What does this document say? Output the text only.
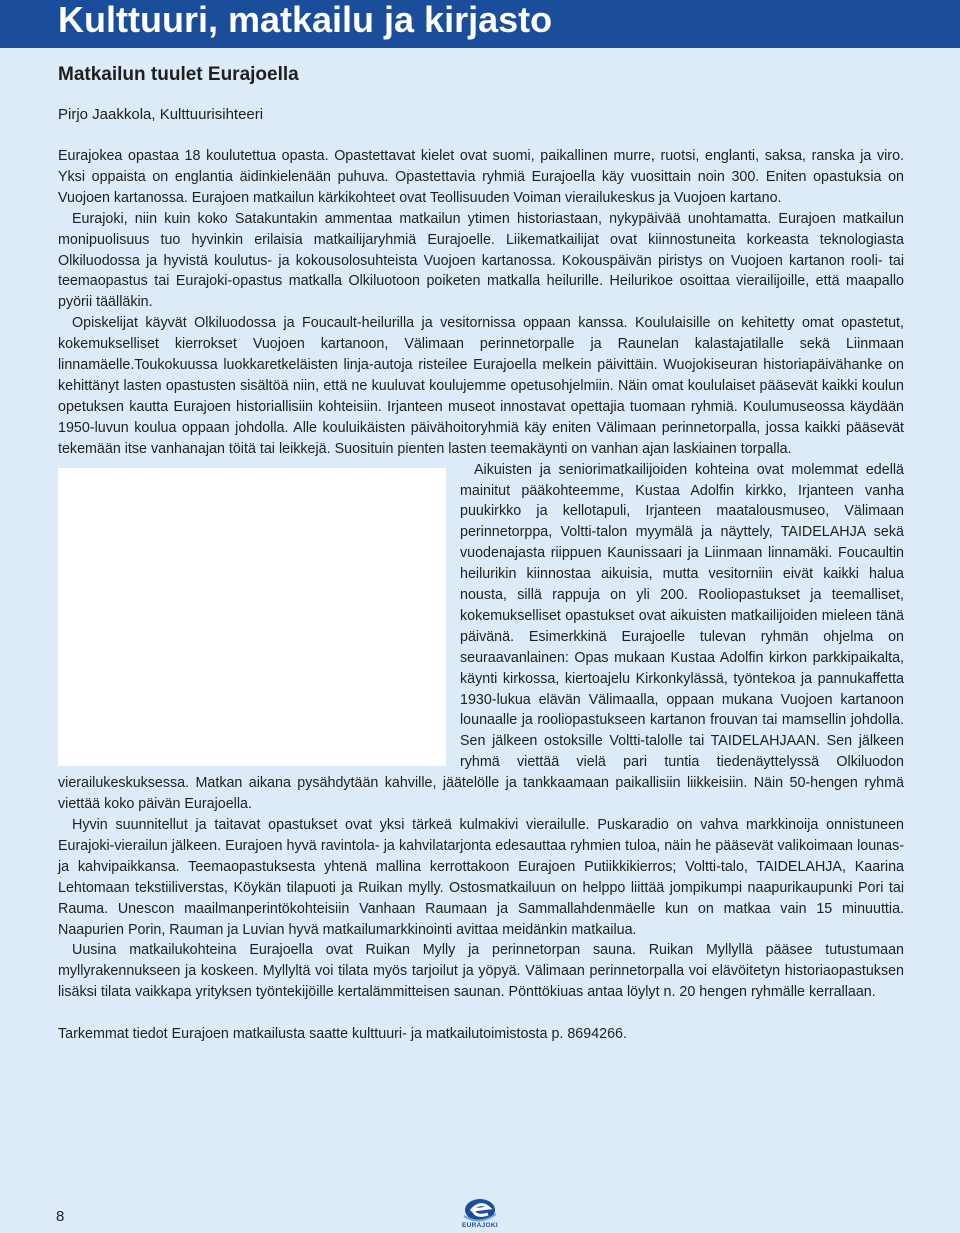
Kulttuuri, matkailu ja kirjasto
Matkailun tuulet Eurajoella

Pirjo Jaakkola, Kulttuurisihteeri

Eurajokea opastaa 18 koulutettua opasta. Opastettavat kielet ovat suomi, paikallinen murre, ruotsi, englanti, saksa, ranska ja viro. Yksi oppaista on englantia äidinkielenään puhuva. Opastettavia ryhmiä Eurajoella käy vuosittain noin 300. Eniten opastuksia on Vuojoen kartanossa. Eurajoen matkailun kärkikohteet ovat Teollisuuden Voiman vierailukeskus ja Vuojoen kartano.

Eurajoki, niin kuin koko Satakuntakin ammentaa matkailun ytimen historiastaan, nykypäivää unohtamatta. Eurajoen matkailun monipuolisuus tuo hyvinkin erilaisia matkailijaryhmiä Eurajoelle. Liikematkailijat ovat kiinnostuneita korkeasta teknologiasta Olkiluodossa ja hyvistä koulutus- ja kokousolosuhteista Vuojoen kartanossa. Kokouspäivän piristys on Vuojoen kartanon rooli- tai teemaopastus tai Eurajoki-opastus matkalla Olkiluotoon poiketen matkalla heilurille. Heilurikoe osoittaa vierailijoille, että maapallo pyörii täälläkin.

Opiskelijat käyvät Olkiluodossa ja Foucault-heilurilla ja vesitornissa oppaan kanssa. Koululaisille on kehitetty omat opastetut, kokemukselliset kierrokset Vuojoen kartanoon, Välimaan perinnetorpalle ja Raunelan kalastajatilalle sekä Liinmaan linnamäelle.Toukokuussa luokkaretkeläisten linja-autoja risteilee Eurajoella melkein päivittäin. Wuojokiseuran historiapäivähanke on kehittänyt lasten opastusten sisältöä niin, että ne kuuluvat koulujemme opetusohjelmiin. Näin omat koululaiset pääsevät kaikki koulun opetuksen kautta Eurajoen historiallisiin kohteisiin. Irjanteen museot innostavat opettajia tuomaan ryhmiä. Koulumuseossa käydään 1950-luvun koulua oppaan johdolla. Alle kouluikäisten päivähoitoryhmiä käy eniten Välimaan perinnetorpalla, jossa kaikki pääsevät tekemään itse vanhanajan töitä tai leikkejä. Suosituin pienten lasten teemakäynti on vanhan ajan laskiainen torpalla.

Aikuisten ja seniorimatkailijoiden kohteina ovat molemmat edellä mainitut pääkohteemme, Kustaa Adolfin kirkko, Irjanteen vanha puukirkko ja kellotapuli, Irjanteen maatalousmuseo, Välimaan perinnetorppa, Voltti-talon myymälä ja näyttely, TAIDELAHJA sekä vuodenajasta riippuen Kaunissaari ja Liinmaan linnamäki. Foucaultin heilurikin kiinnostaa aikuisia, mutta vesitorniin eivät kaikki halua nousta, sillä rappuja on yli 200. Rooliopastukset ja teemalliset, kokemukselliset opastukset ovat aikuisten matkailijoiden mieleen tänä päivänä. Esimerkkinä Eurajoelle tulevan ryhmän ohjelma on seuraavanlainen: Opas mukaan Kustaa Adolfin kirkon parkkipaikalta, käynti kirkossa, kiertoajelu Kirkonkylässä, työntekoa ja pannukaffetta 1930-lukua elävän Välimaalla, oppaan mukana Vuojoen kartanoon lounaalle ja rooliopastukseen kartanon frouvan tai mamsellin johdolla. Sen jälkeen ostoksille Voltti-talolle tai TAIDELAHJAAN. Sen jälkeen ryhmä viettää vielä pari tuntia tiedenäyttelyssä Olkiluodon vierailukeskuksessa. Matkan aikana pysähdytään kahville, jäätelölle ja tankkaamaan paikallisiin liikkeisiin. Näin 50-hengen ryhmä viettää koko päivän Eurajoella.

Hyvin suunnitellut ja taitavat opastukset ovat yksi tärkeä kulmakivi vierailulle. Puskaradio on vahva markkinoija onnistuneen Eurajoki-vierailun jälkeen. Eurajoen hyvä ravintola- ja kahvilatarjonta edesauttaa ryhmien tuloa, näin he pääsevät valikoimaan lounas- ja kahvipaikkansa. Teemaopastuksesta yhtenä mallina kerrottakoon Eurajoen Putiikkikierros; Voltti-talo, TAIDELAHJA, Kaarina Lehtomaan tekstiiliverstas, Köykän tilapuoti ja Ruikan mylly. Ostosmatkailuun on helppo liittää jompikumpi naapurikaupunki Pori tai Rauma. Unescon maailmanperintökohteisiin Vanhaan Raumaan ja Sammallahdenmäelle kun on matkaa vain 15 minuuttia. Naapurien Porin, Rauman ja Luvian hyvä matkailumarkkinointi avittaa meidänkin matkailua.

Uusina matkailukohteina Eurajoella ovat Ruikan Mylly ja perinnetorpan sauna. Ruikan Myllyllä pääsee tutustumaan myllyrakennukseen ja koskeen. Myllyltä voi tilata myös tarjoilut ja yöpyä. Välimaan perinnetorpalla voi elävöitetyn historiaopastuksen lisäksi tilata vaikkapa yrityksen työntekijöille kertalämmitteisen saunan. Pönttökiuas antaa löylyt n. 20 hengen ryhmälle kerrallaan.

Tarkemmat tiedot Eurajoen matkailusta saatte kulttuuri- ja matkailutoimistosta p. 8694266.

8
EURAJOKI
